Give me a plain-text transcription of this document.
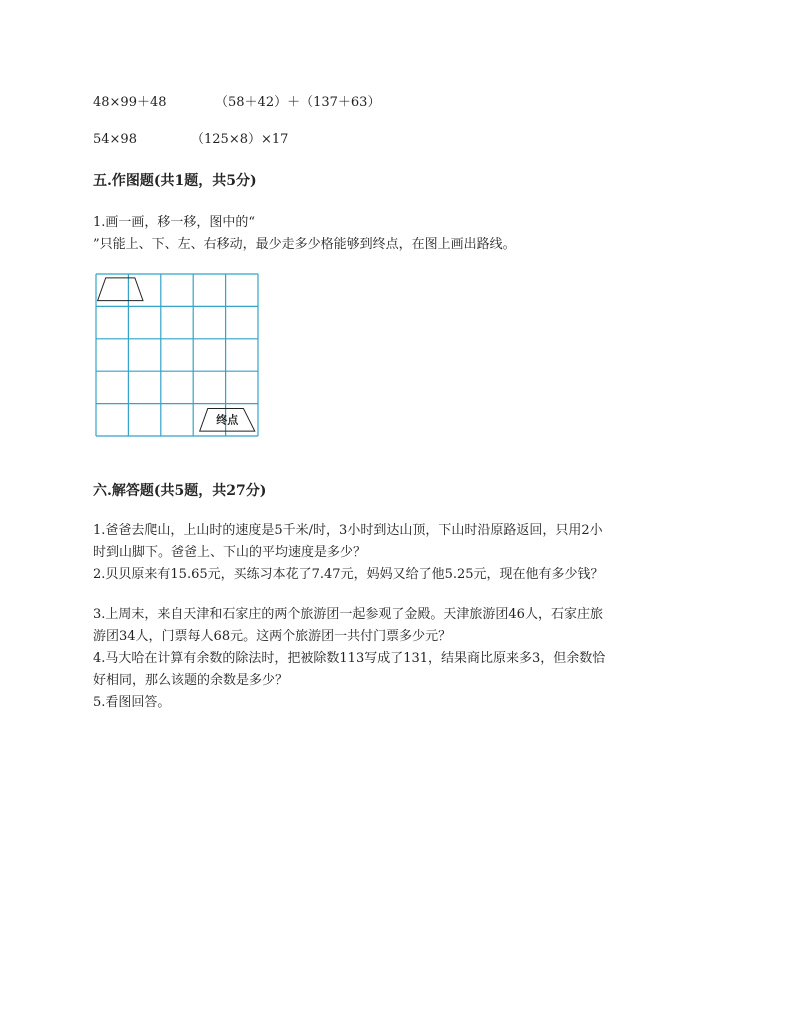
48×99＋48	（58＋42）＋（137＋63）
54×98	（125×8）×17
五.作图题(共1题，共5分)
1.画一画，移一移，图中的“
”只能上、下、左、右移动，最少走多少格能够到终点，在图上画出路线。
终点
六.解答题(共5题，共27分)
1.爸爸去爬山，上山时的速度是5千米/时，3小时到达山顶，下山时沿原路返回，只用2小
时到山脚下。爸爸上、下山的平均速度是多少？
2.贝贝原来有15.65元，买练习本花了7.47元，妈妈又给了他5.25元，现在他有多少钱？
3.上周末，来自天津和石家庄的两个旅游团一起参观了金殿。天津旅游团46人，石家庄旅
游团34人，门票每人68元。这两个旅游团一共付门票多少元？
4.马大哈在计算有余数的除法时，把被除数113写成了131，结果商比原来多3，但余数恰
好相同，那么该题的余数是多少？
5.看图回答。
